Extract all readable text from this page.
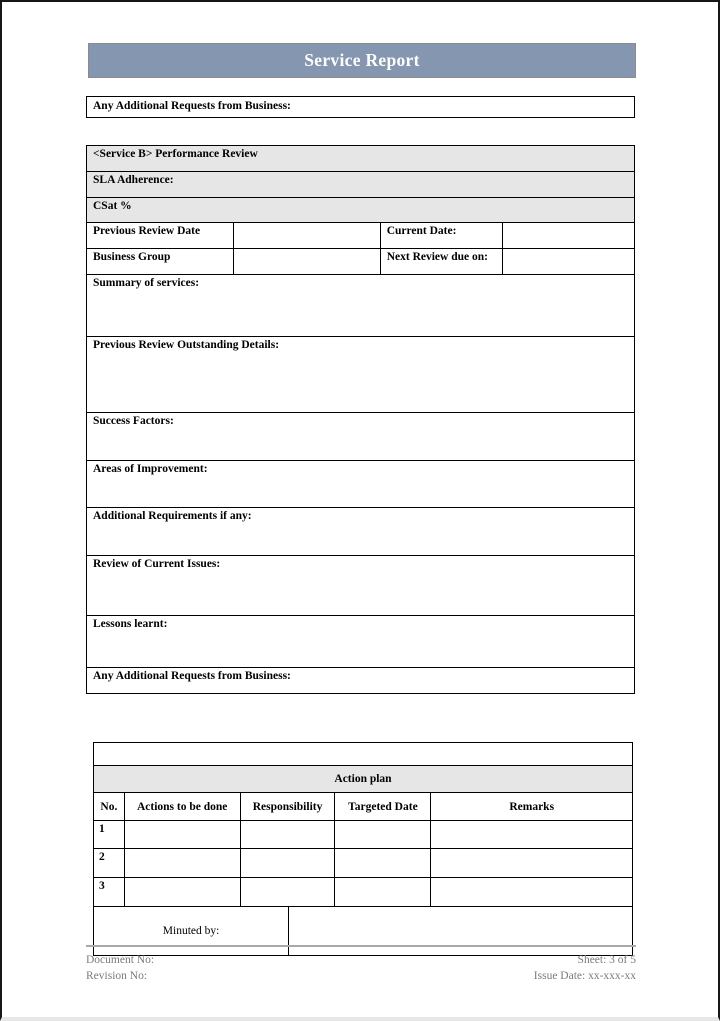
Service Report
Any Additional Requests from Business:
<Service B> Performance Review			
SLA Adherence:			
CSat %			
Previous Review Date		Current Date:	
Business Group		Next Review due on:	
Summary of services:			
Previous Review Outstanding Details:			
Success Factors:			
Areas of Improvement:			
Additional Requirements if any:			
Review of Current Issues:			
Lessons learnt:			
Any Additional Requests from Business:			

Action plan				
No.	Actions to be done	Responsibility	Targeted Date	Remarks
1				
2				
3				
Minuted by:	
Document No:
Revision No:
Sheet: 3 of 5
Issue Date: xx-xxx-xx
